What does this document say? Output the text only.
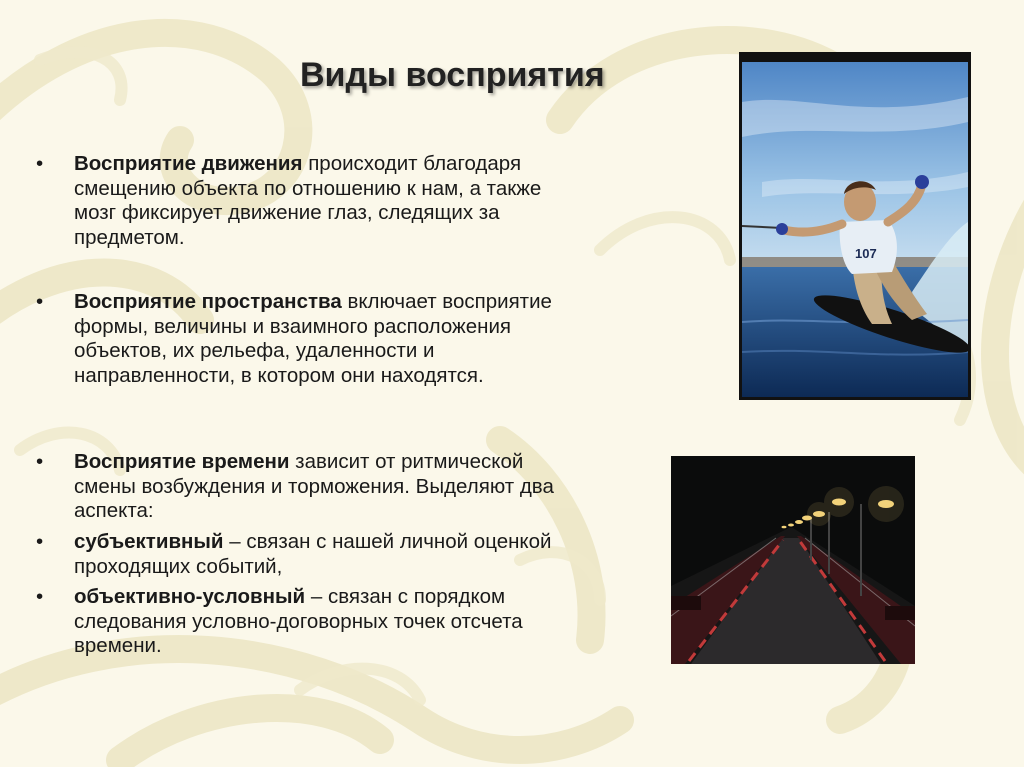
Виды восприятия
•	Восприятие движения происходит благодаря смещению объекта по отношению к нам, а также мозг фиксирует движение глаз, следящих за предметом.
•	Восприятие пространства включает восприятие формы, величины и взаимного расположения объектов, их рельефа, удаленности и направленности, в котором они находятся.
•	Восприятие времени зависит от ритмической смены возбуждения и торможения. Выделяют два аспекта:
•	субъективный – связан с нашей личной оценкой проходящих событий,
•	объективно-условный – связан с порядком следования условно-договорных точек отсчета времени.
107
